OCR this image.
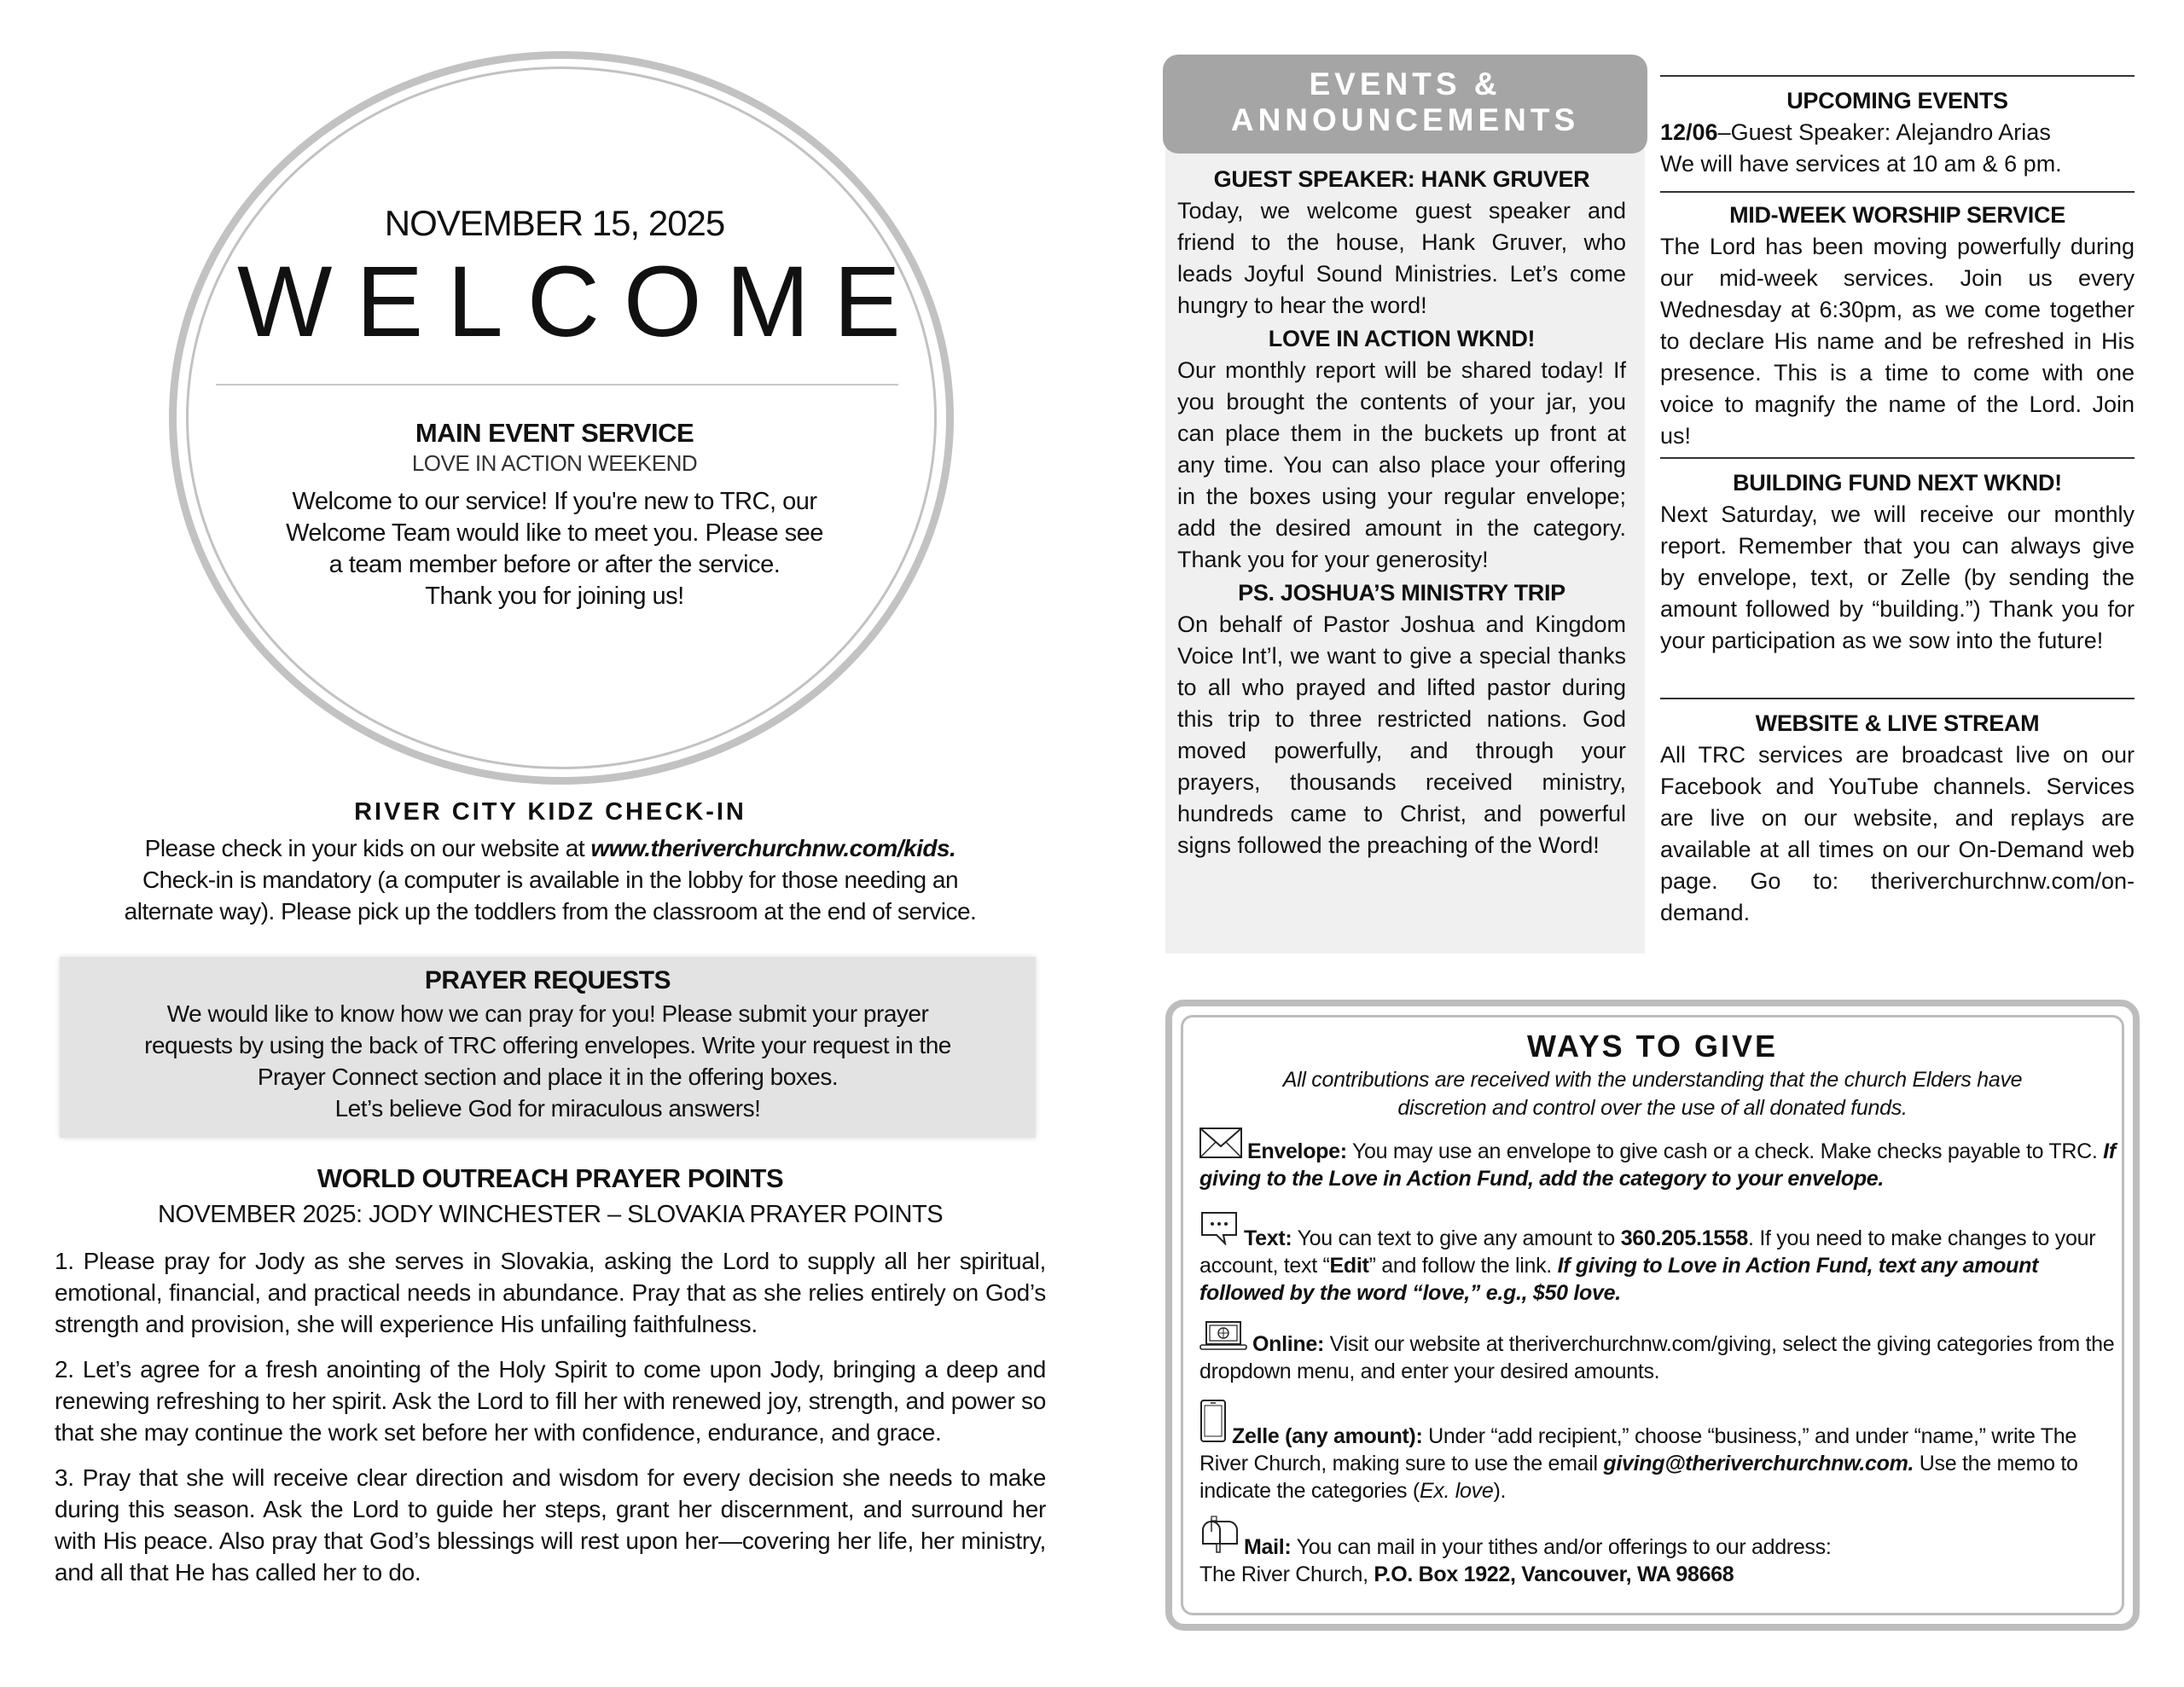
NOVEMBER 15, 2025
WELCOME
MAIN EVENT SERVICE
LOVE IN ACTION WEEKEND
Welcome to our service! If you're new to TRC, our
Welcome Team would like to meet you. Please see
a team member before or after the service.
Thank you for joining us!
RIVER CITY KIDZ CHECK-IN
Please check in your kids on our website at www.theriverchurchnw.com/kids.
Check-in is mandatory (a computer is available in the lobby for those needing an
alternate way). Please pick up the toddlers from the classroom at the end of service.
PRAYER REQUESTS
We would like to know how we can pray for you! Please submit your prayer
requests by using the back of TRC offering envelopes. Write your request in the
Prayer Connect section and place it in the offering boxes.
Let’s believe God for miraculous answers!
WORLD OUTREACH PRAYER POINTS
NOVEMBER 2025: JODY WINCHESTER – SLOVAKIA PRAYER POINTS

1. Please pray for Jody as she serves in Slovakia, asking the Lord to supply all her spiritual, emotional, financial, and practical needs in abundance. Pray that as she relies entirely on God’s strength and provision, she will experience His unfailing faithfulness.

2. Let’s agree for a fresh anointing of the Holy Spirit to come upon Jody, bringing a deep and renewing refreshing to her spirit. Ask the Lord to fill her with renewed joy, strength, and power so that she may continue the work set before her with confidence, endurance, and grace.

3. Pray that she will receive clear direction and wisdom for every decision she needs to make during this season. Ask the Lord to guide her steps, grant her discernment, and surround her with His peace. Also pray that God’s blessings will rest upon her—covering her life, her ministry, and all that He has called her to do.

EVENTS &
ANNOUNCEMENTS
GUEST SPEAKER: HANK GRUVER

Today, we welcome guest speaker and friend to the house, Hank Gruver, who leads Joyful Sound Ministries. Let’s come hungry to hear the word!

LOVE IN ACTION WKND!

Our monthly report will be shared today! If you brought the contents of your jar, you can place them in the buckets up front at any time. You can also place your offering in the boxes using your regular envelope; add the desired amount in the category. Thank you for your generosity!

PS. JOSHUA’S MINISTRY TRIP

On behalf of Pastor Joshua and Kingdom Voice Int’l, we want to give a special thanks to all who prayed and lifted pastor during this trip to three restricted nations. God moved powerfully, and through your prayers, thousands received ministry, hundreds came to Christ, and powerful signs followed the preaching of the Word!

UPCOMING EVENTS

12/06–Guest Speaker: Alejandro Arias

We will have services at 10 am & 6 pm.

MID-WEEK WORSHIP SERVICE

The Lord has been moving powerfully during our mid-week services. Join us every Wednesday at 6:30pm, as we come together to declare His name and be refreshed in His presence. This is a time to come with one voice to magnify the name of the Lord. Join us!

BUILDING FUND NEXT WKND!

Next Saturday, we will receive our monthly report. Remember that you can always give by envelope, text, or Zelle (by sending the amount followed by “building.”) Thank you for your participation as we sow into the future!

WEBSITE & LIVE STREAM

All TRC services are broadcast live on our Facebook and YouTube channels. Services are live on our website, and replays are available at all times on our On-Demand web page. Go to: theriverchurchnw.com/on-demand.

WAYS TO GIVE
All contributions are received with the understanding that the church Elders have
discretion and control over the use of all donated funds.
Envelope: You may use an envelope to give cash or a check. Make checks payable to TRC. If giving to the Love in Action Fund, add the category to your envelope.
Text: You can text to give any amount to 360.205.1558. If you need to make changes to your account, text “Edit” and follow the link. If giving to Love in Action Fund, text any amount followed by the word “love,” e.g., $50 love.
Online: Visit our website at theriverchurchnw.com/giving, select the giving categories from the dropdown menu, and enter your desired amounts.
Zelle (any amount): Under “add recipient,” choose “business,” and under “name,” write The River Church, making sure to use the email giving@theriverchurchnw.com. Use the memo to indicate the categories (Ex. love).
Mail: You can mail in your tithes and/or offerings to our address:
The River Church, P.O. Box 1922, Vancouver, WA 98668
